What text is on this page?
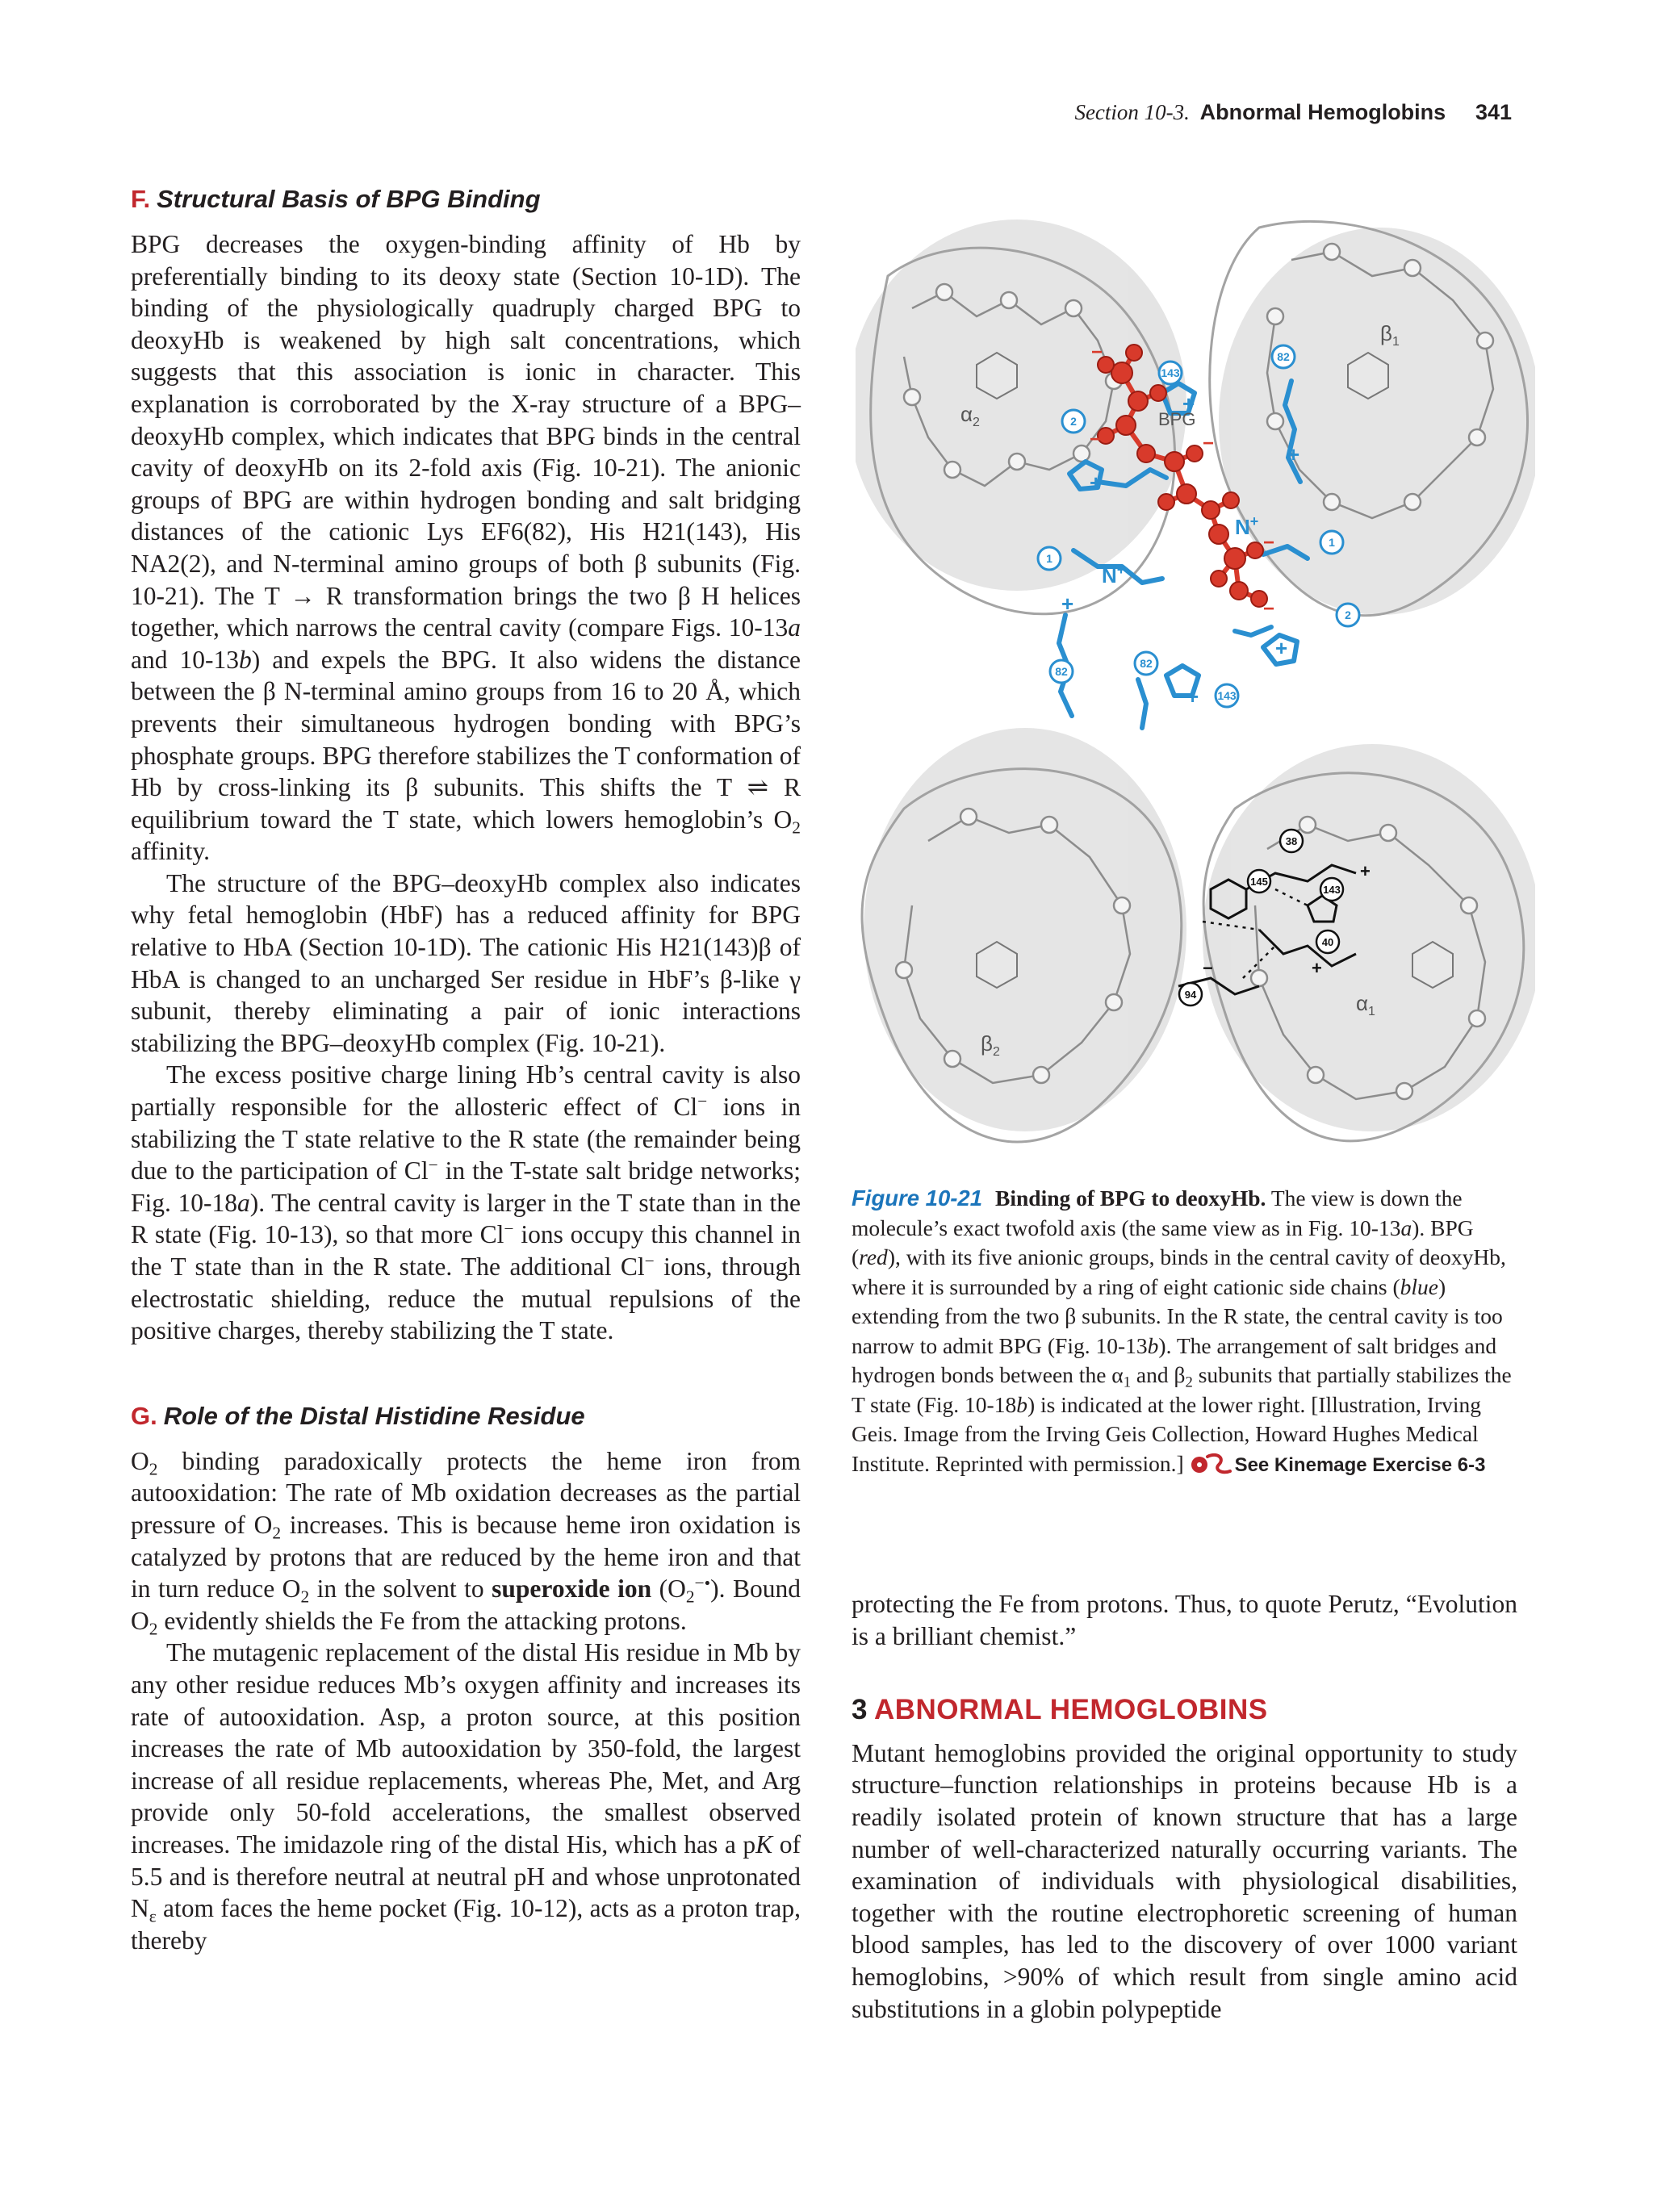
Section 10-3. Abnormal Hemoglobins 341
F. Structural Basis of BPG Binding

BPG decreases the oxygen-binding affinity of Hb by preferentially binding to its deoxy state (Section 10-1D). The binding of the physiologically quadruply charged BPG to deoxyHb is weakened by high salt concentrations, which suggests that this association is ionic in character. This explanation is corroborated by the X-ray structure of a BPG–deoxyHb complex, which indicates that BPG binds in the central cavity of deoxyHb on its 2-fold axis (Fig. 10-21). The anionic groups of BPG are within hydrogen bonding and salt bridging distances of the cationic Lys EF6(82), His H21(143), His NA2(2), and N-terminal amino groups of both β subunits (Fig. 10-21). The T → R transformation brings the two β H helices together, which narrows the central cavity (compare Figs. 10-13a and 10-13b) and expels the BPG. It also widens the distance between the β N-terminal amino groups from 16 to 20 Å, which prevents their simultaneous hydrogen bonding with BPG’s phosphate groups. BPG therefore stabilizes the T conformation of Hb by cross-linking its β subunits. This shifts the T ⇌ R equilibrium toward the T state, which lowers hemoglobin’s $O_2$ affinity.

The structure of the BPG–deoxyHb complex also indicates why fetal hemoglobin (HbF) has a reduced affinity for BPG relative to HbA (Section 10-1D). The cationic His H21(143)β of HbA is changed to an uncharged Ser residue in HbF’s β-like γ subunit, thereby eliminating a pair of ionic interactions stabilizing the BPG–deoxyHb complex (Fig. 10-21).

The excess positive charge lining Hb’s central cavity is also partially responsible for the allosteric effect of Cl− ions in stabilizing the T state relative to the R state (the remainder being due to the participation of Cl− in the T-state salt bridge networks; Fig. 10-18a). The central cavity is larger in the T state than in the R state (Fig. 10-13), so that more Cl− ions occupy this channel in the T state than in the R state. The additional Cl− ions, through electrostatic shielding, reduce the mutual repulsions of the positive charges, thereby stabilizing the T state.

G. Role of the Distal Histidine Residue

$O_2$ binding paradoxically protects the heme iron from autooxidation: The rate of Mb oxidation decreases as the partial pressure of $O_2$ increases. This is because heme iron oxidation is catalyzed by protons that are reduced by the heme iron and that in turn reduce $O_2$ in the solvent to superoxide ion $(O_2^{-•})$. Bound $O_2$ evidently shields the Fe from the attacking protons.

The mutagenic replacement of the distal His residue in Mb by any other residue reduces Mb’s oxygen affinity and increases its rate of autooxidation. Asp, a proton source, at this position increases the rate of Mb autooxidation by 350-fold, the largest increase of all residue replacements, whereas Phe, Met, and Arg provide only 50-fold accelerations, the smallest observed increases. The imidazole ring of the distal His, which has a pK of 5.5 and is therefore neutral at neutral pH and whose unprotonated $N_\varepsilon$ atom faces the heme pocket (Fig. 10-12), acts as a proton trap, thereby

$\alpha_2$
$\beta_1$
$\beta_2$
$\alpha_1$
N+
N+
+
+
+
+
+
+
143
82
2
1
1
2
82
143
82
BPG
−
−	−
−
−
145
143
40
94
38
+
+
−
Figure 10-21 Binding of BPG to deoxyHb. The view is down the molecule’s exact twofold axis (the same view as in Fig. 10-13a). BPG (red), with its five anionic groups, binds in the central cavity of deoxyHb, where it is surrounded by a ring of eight cationic side chains (blue) extending from the two β subunits. In the R state, the central cavity is too narrow to admit BPG (Fig. 10-13b). The arrangement of salt bridges and hydrogen bonds between the $\alpha_1$ and $\beta_2$ subunits that partially stabilizes the T state (Fig. 10-18b) is indicated at the lower right. [Illustration, Irving Geis. Image from the Irving Geis Collection, Howard Hughes Medical Institute. Reprinted with permission.]	See Kinemage Exercise 6-3

protecting the Fe from protons. Thus, to quote Perutz, “Evolution is a brilliant chemist.”

3 ABNORMAL HEMOGLOBINS

Mutant hemoglobins provided the original opportunity to study structure–function relationships in proteins because Hb is a readily isolated protein of known structure that has a large number of well-characterized naturally occurring variants. The examination of individuals with physiological disabilities, together with the routine electrophoretic screening of human blood samples, has led to the discovery of over 1000 variant hemoglobins, >90% of which result from single amino acid substitutions in a globin polypeptide
